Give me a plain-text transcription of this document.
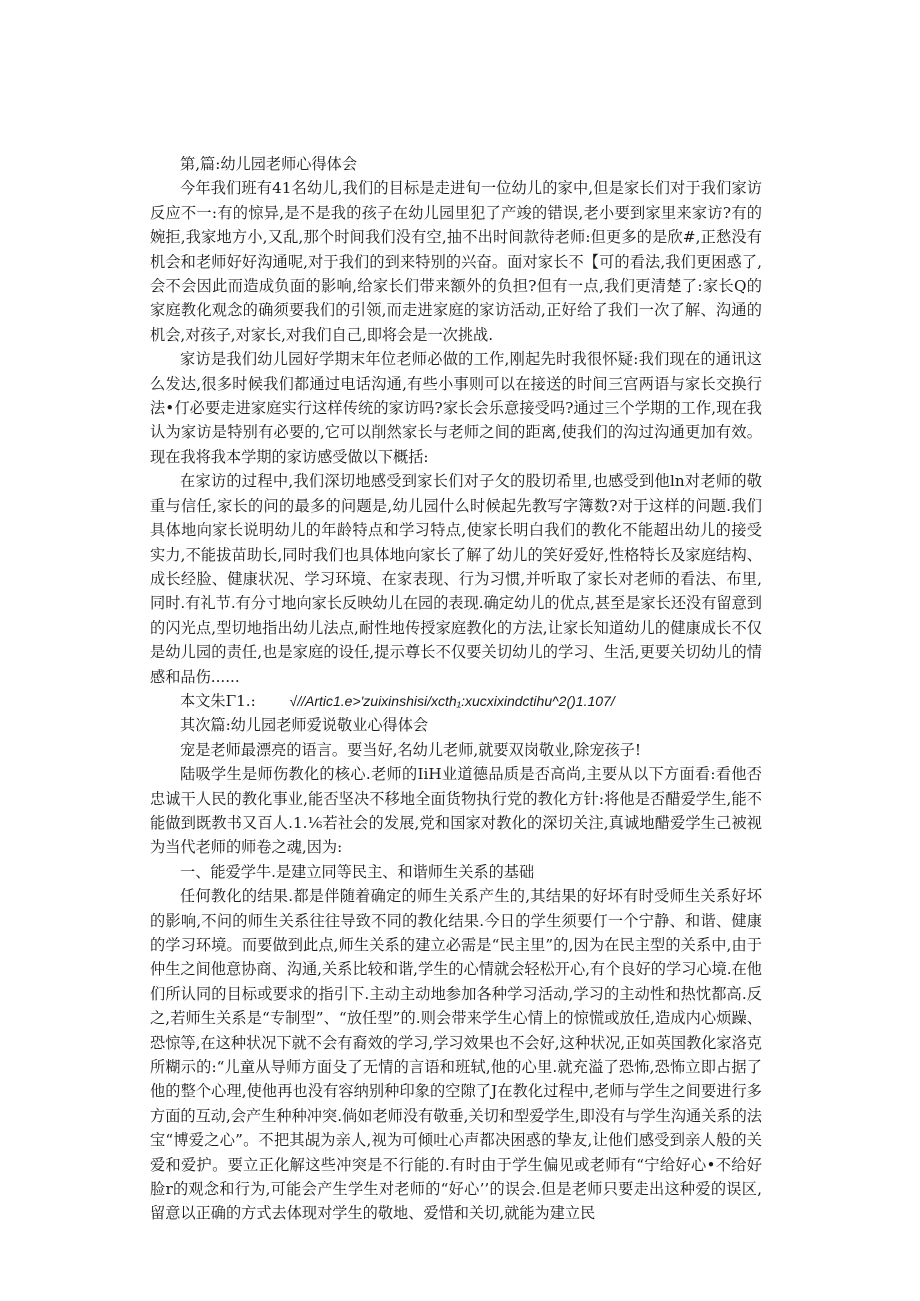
第,篇:幼儿园老师心得体会

今年我们班有41名幼儿,我们的目标是走进旬一位幼儿的家中,但是家长们对于我们家访反应不一:有的惊异,是不是我的孩子在幼儿园里犯了产竣的错误,老小要到家里来家访?有的婉拒,我家地方小,又乱,那个时间我们没有空,抽不出时间款待老师:但更多的是欣#,正愁没有机会和老师好好沟通呢,对于我们的到来特别的兴奋。面对家长不【可的看法,我们更困惑了,会不会因此而造成负面的影响,给家长们带来额外的负担?但有一点,我们更清楚了:家长Q的家庭教化观念的确须要我们的引领,而走进家庭的家访活动,正好给了我们一次了解、沟通的机会,对孩子,对家长,对我们自己,即将会是一次挑战.

家访是我们幼儿园好学期末年位老师必做的工作,刚起先时我很怀疑:我们现在的通讯这么发达,很多时候我们都通过电话沟通,有些小事则可以在接送的时间三宫两语与家长交换行法•仃必要走进家庭实行这样传统的家访吗?家长会乐意接受吗?通过三个学期的工作,现在我认为家访是特别有必要的,它可以削然家长与老师之间的距离,使我们的沟过沟通更加有效。现在我将我本学期的家访感受做以下概括:

在家访的过程中,我们深切地感受到家长们对子攵的股切希里,也感受到他ln对老师的敬重与信任,家长的问的最多的问题是,幼儿园什么时候起先教写字簿数?对于这样的问题.我们具体地向家长说明幼儿的年龄特点和学习特点,使家长明白我们的教化不能超出幼儿的接受实力,不能拔苗助长,同时我们也具体地向家长了解了幼儿的笑好爱好,性格特长及家庭结构、成长经脸、健康状况、学习环境、在家表现、行为习惯,并听取了家长对老师的看法、布里,同时.有礼节.有分寸地向家长反映幼儿在园的表现.确定幼儿的优点,甚至是家长还没有留意到的闪光点,型切地指出幼儿法点,耐性地传授家庭教化的方法,让家长知道幼儿的健康成长不仅是幼儿园的责任,也是家庭的设任,提示尊长不仅要关切幼儿的学习、生活,更要关切幼儿的情感和品伤......

本文朱Γ1.: √//Artic1.e>'zuixinshisi/xcth₁:xucxixindctihu^2()1.107/

其次篇:幼儿园老师爱说敬业心得体会

宠是老师最漂亮的语言。要当好,名幼儿老师,就要双岗敬业,除宠孩子!

陆吸学生是师伤教化的核心.老师的IiH业道德品质是否高尚,主要从以下方面看:看他否忠诚干人民的教化事业,能否坚决不移地全面货物执行党的教化方针:将他是否醋爱学生,能不能做到既教书又百人.1.⅙若社会的发展,党和国家对教化的深切关注,真诚地醋爱学生己被视为当代老师的师卷之魂,因为:

一、能爱学牛.是建立同等民主、和谐师生关系的基础

任何教化的结果.都是伴随着确定的师生关系产生的,其结果的好坏有时受师生关系好坏的影响,不问的师生关系往往导致不同的教化结果.今日的学生须要仃一个宁静、和谐、健康的学习环境。而要做到此点,师生关系的建立必需是“民主里”的,因为在民主型的关系中,由于仲生之间他意协商、沟通,关系比较和谐,学生的心情就会轻松开心,有个良好的学习心境.在他们所认同的目标或要求的指引下.主动主动地参加各种学习活动,学习的主动性和热忱都高.反之,若师生关系是“专制型”、“放任型”的.则会带来学生心情上的惊慌或放任,造成内心烦躁、恐惊等,在这种状况下就不会有裔效的学习,学习效果也不会好,这种状况,正如英国教化家洛克所糊示的:“儿童从导师方面殳了无情的言语和班轼,他的心里.就充溢了恐怖,恐怖立即占据了他的整个心理,使他再也没有容纳别种印象的空隙了J在教化过程中,老师与学生之间要进行多方面的互动,会产生种种冲突.倘如老师没有敬垂,关切和型爱学生,即没有与学生沟通关系的法宝“博爱之心”。不把其覘为亲人,视为可倾吐心声都决困惑的挚友,让他们感受到亲人般的关爱和爱护。要立正化解这些冲突是不行能的.有时由于学生偏见或老师有“宁给好心•不给好脸r的观念和行为,可能会产生学生对老师的“好心’’的误会.但是老师只要走出这种爱的误区,留意以正确的方式去体现对学生的敬地、爱惜和关切,就能为建立民
